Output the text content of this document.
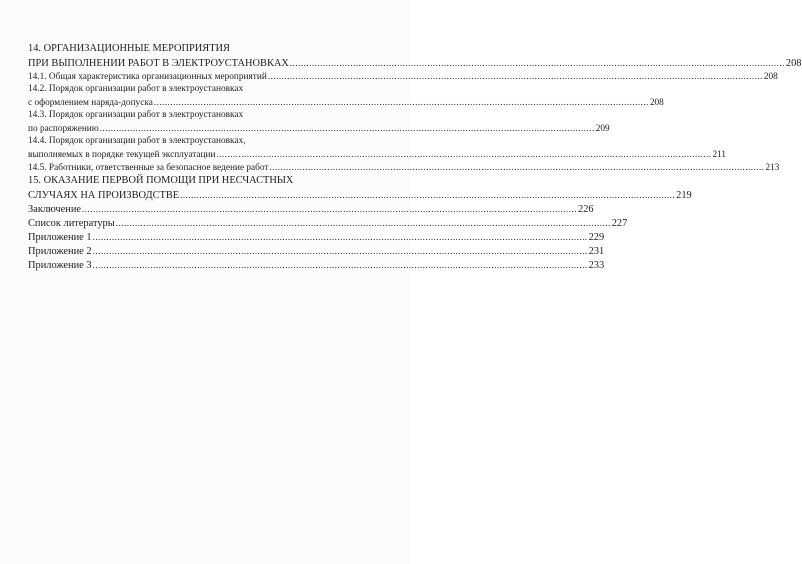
14. ОРГАНИЗАЦИОННЫЕ МЕРОПРИЯТИЯ
ПРИ ВЫПОЛНЕНИИ РАБОТ В ЭЛЕКТРОУСТАНОВКАХ .....	208
14.1. Общая характеристика организационных мероприятий .....	208
14.2. Порядок организации работ в электроустановках
с оформлением наряда-допуска .....	208
14.3. Порядок организации работ в электроустановках
по распоряжению .....	209
14.4. Порядок организации работ в электроустановках,
выполняемых в порядке текущей эксплуатации .....	211
14.5. Работники, ответственные за безопасное ведение работ .....	213
15. ОКАЗАНИЕ ПЕРВОЙ ПОМОЩИ ПРИ НЕСЧАСТНЫХ
СЛУЧАЯХ НА ПРОИЗВОДСТВЕ .....	219
Заключение .....	226
Список литературы .....	227
Приложение 1 .....	229
Приложение 2 .....	231
Приложение 3 .....	233
